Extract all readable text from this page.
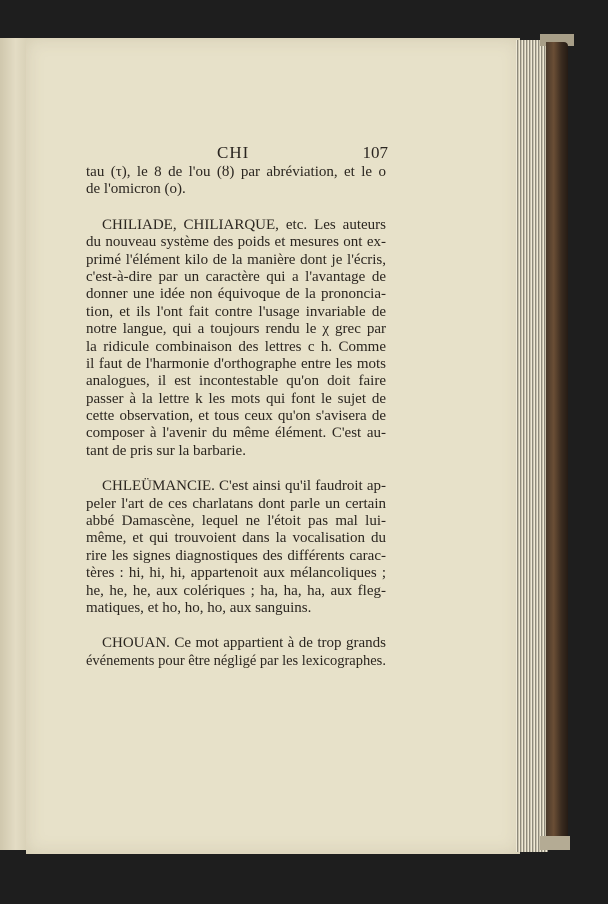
CHI	107
tau (τ), le 8 de l'ou (ȣ) par abréviation, et le ο
de l'omicron (ο).
CHILIADE, CHILIARQUE, etc. Les auteurs
du nouveau système des poids et mesures ont ex-
primé l'élément kilo de la manière dont je l'écris,
c'est-à-dire par un caractère qui a l'avantage de
donner une idée non équivoque de la prononcia-
tion, et ils l'ont fait contre l'usage invariable de
notre langue, qui a toujours rendu le χ grec par
la ridicule combinaison des lettres c h. Comme
il faut de l'harmonie d'orthographe entre les mots
analogues, il est incontestable qu'on doit faire
passer à la lettre k les mots qui font le sujet de
cette observation, et tous ceux qu'on s'avisera de
composer à l'avenir du même élément. C'est au-
tant de pris sur la barbarie.
CHLEÜMANCIE. C'est ainsi qu'il faudroit ap-
peler l'art de ces charlatans dont parle un certain
abbé Damascène, lequel ne l'étoit pas mal lui-
même, et qui trouvoient dans la vocalisation du
rire les signes diagnostiques des différents carac-
tères : hi, hi, hi, appartenoit aux mélancoliques ;
he, he, he, aux colériques ; ha, ha, ha, aux fleg-
matiques, et ho, ho, ho, aux sanguins.
CHOUAN. Ce mot appartient à de trop grands
événements pour être négligé par les lexicographes.
